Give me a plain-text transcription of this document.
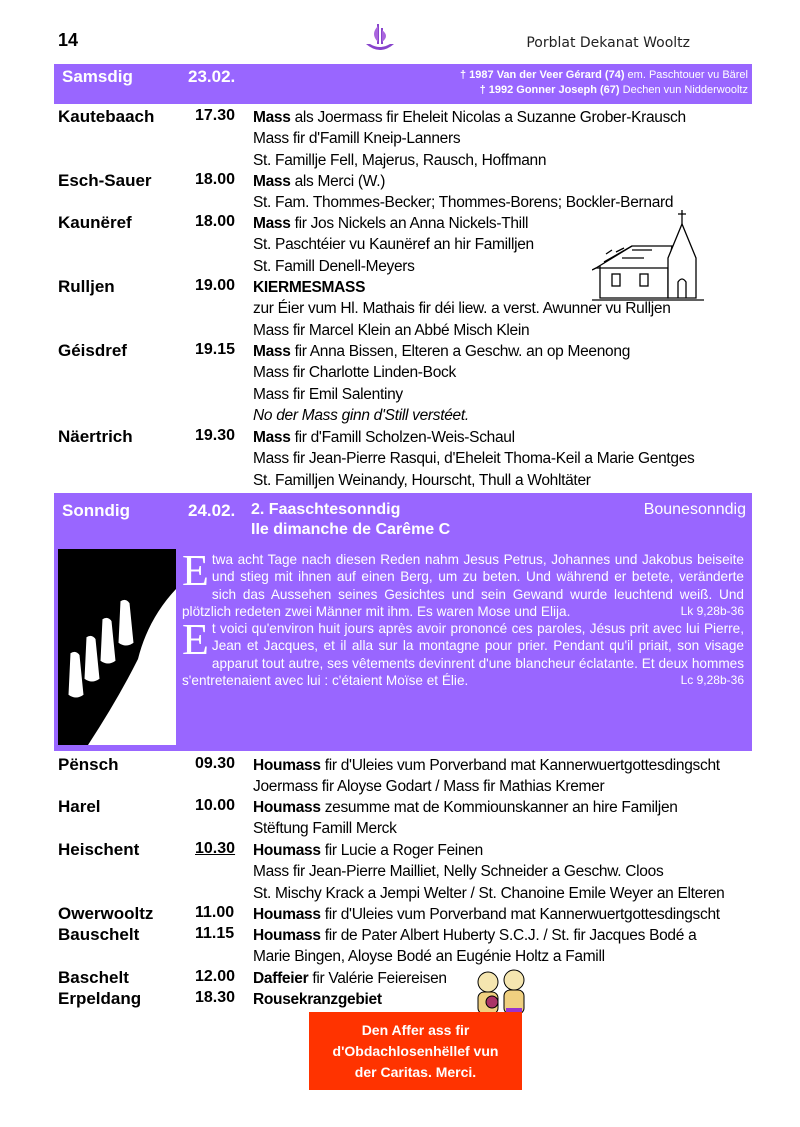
14	Porblat Dekanat Wooltz
Samsdig	23.02.	† 1987 Van der Veer Gérard (74) em. Paschtouer vu Bärel
† 1992 Gonner Joseph (67) Dechen vun Nidderwooltz
Kautebaach	17.30 Mass als Joermass fir Eheleit Nicolas a Suzanne Grober-Krausch
Mass fir d'Famill Kneip-Lanners
St. Famillje Fell, Majerus, Rausch, Hoffmann
Esch-Sauer	18.00 Mass als Merci (W.)
St. Fam. Thommes-Becker; Thommes-Borens; Bockler-Bernard
Kaunëref	18.00 Mass fir Jos Nickels an Anna Nickels-Thill
St. Paschtéier vu Kaunëref an hir Familljen
St. Famill Denell-Meyers
Rulljen	19.00 KIERMESMASS
zur Éier vum Hl. Mathais fir déi liew. a verst. Awunner vu Rulljen
Mass fir Marcel Klein an Abbé Misch Klein
Géisdref	19.15 Mass fir Anna Bissen, Elteren a Geschw. an op Meenong
Mass fir Charlotte Linden-Bock
Mass fir Emil Salentiny
No der Mass ginn d'Still verstéet.
Näertrich	19.30 Mass fir d'Famill Scholzen-Weis-Schaul
Mass fir Jean-Pierre Rasqui, d'Eheleit Thoma-Keil a Marie Gentges
St. Familljen Weinandy, Hourscht, Thull a Wohltäter
Sonndig	24.02. 2. Faaschtesonndig
IIe dimanche de Carême C
Bounesonndig
Etwa acht Tage nach diesen Reden nahm Jesus Petrus, Johannes und Jakobus beiseite und stieg mit ihnen auf einen Berg, um zu beten. Und während er betete, veränderte sich das Aussehen seines Gesichtes und sein Gewand wurde leuchtend weiß. Und plötzlich redeten zwei Männer mit ihm. Es waren Mose und Elija.	Lk 9,28b-36
Et voici qu'environ huit jours après avoir prononcé ces paroles, Jésus prit avec lui Pierre, Jean et Jacques, et il alla sur la montagne pour prier. Pendant qu'il priait, son visage apparut tout autre, ses vêtements devinrent d'une blancheur éclatante. Et deux hommes s'entretenaient avec lui : c'étaient Moïse et Élie.	Lc 9,28b-36
Pënsch	09.30 Houmass fir d'Uleies vum Porverband mat Kannerwuertgottesdingscht
Joermass fir Aloyse Godart / Mass fir Mathias Kremer
Harel	10.00 Houmass zesumme mat de Kommiounskanner an hire Familjen
Stëftung Famill Merck
Heischent	10.30 Houmass fir Lucie a Roger Feinen
Mass fir Jean-Pierre Mailliet, Nelly Schneider a Geschw. Cloos
St. Mischy Krack a Jempi Welter / St. Chanoine Emile Weyer an Elteren
Owerwooltz	11.00 Houmass fir d'Uleies vum Porverband mat Kannerwuertgottesdingscht
Bauschelt	11.15 Houmass fir de Pater Albert Huberty S.C.J. / St. fir Jacques Bodé a
Marie Bingen, Aloyse Bodé an Eugénie Holtz a Famill
Baschelt	12.00 Daffeier fir Valérie Feiereisen
Erpeldang	18.30 Rousekranzgebiet
Den Affer ass fir
d'Obdachlosenhëllef vun
der Caritas. Merci.
